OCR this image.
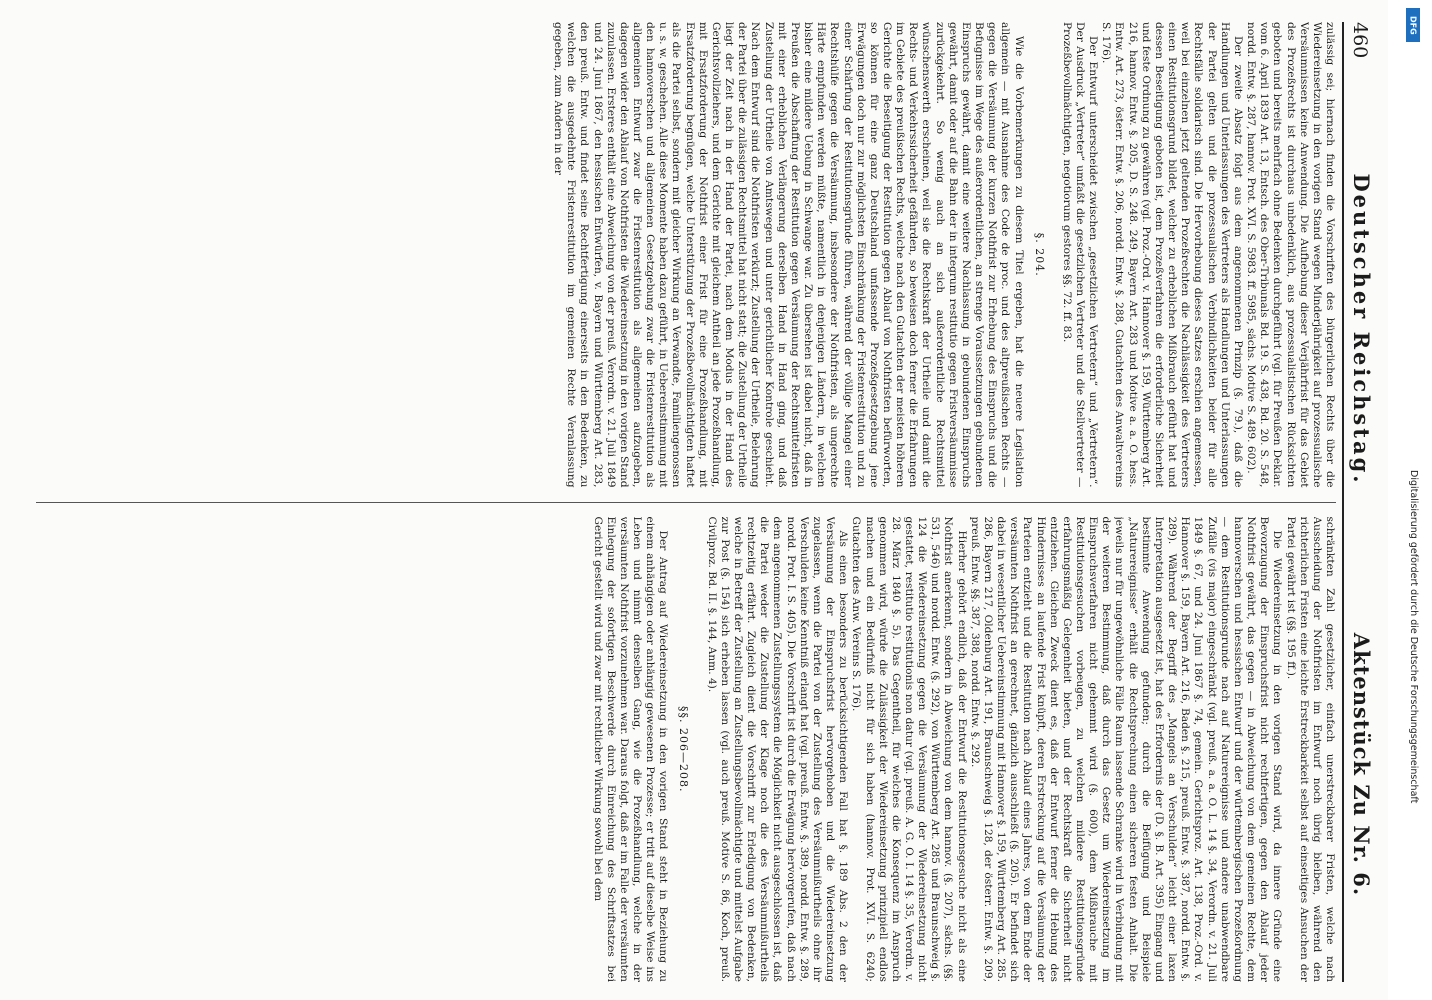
460
Deutscher Reichstag.
Aktenstück Zu Nr. 6.

zulässig sei; hiernach finden die Vorschriften des bürgerlichen Rechts über die Wiedereinsetzung in den vorigen Stand wegen Minderjährigkeit auf prozessualische Versäumnissen keine Anwendung. Die Aufhebung dieser Verjährfrist für das Gebiet des Prozeßrechts ist durchaus unbedenklich, aus prozessualistischen Rücksichten geboten und bereits mehrfach ohne Bedenken durchgeführt (vgl. für Preußen Deklar. vom 6. April 1839 Art. 13, Entsch. des Ober-Tribunals Bd. 19. S. 438, Bd. 20. S. 548, nordd. Entw. §. 287, hannov. Prot. XVI. S. 5983. ff. 5985, sächs. Motive S. 489. 602).

Der zweite Absatz folgt aus dem angenommenen Prinzip (§. 79.), daß die Handlungen und Unterlassungen des Vertreters als Handlungen und Unterlassungen der Partei gelten und die prozessualischen Verbindlichkeiten beider für alle Rechtsfälle solidarisch sind. Die Hervorhebung dieses Satzes erschien angemessen, weil bei einzelnen jetzt geltenden Prozeßrechten die Nachlässigkeit des Vertreters einen Restitutionsgrund bildet, welcher zu erheblichen Mißbrauch geführt hat und dessen Beseitigung geboten ist, dem Prozeßverfahren die erforderliche Sicherheit und feste Ordnung zu gewähren (vgl. Proz.-Ord. v. Hannover §. 159, Württemberg Art. 216, hannov. Entw. §. 205, D. S. 248. 249, Bayern Art. 283 und Motive a. a. O. hess. Entw. Art. 273, österr. Entw. §. 206, nordd. Entw. §. 288, Gutachten des Anwaltvereins S. 176).

Der Entwurf unterscheidet zwischen „gesetzlichen Vertretern“ und „Vertretern“. Der Ausdruck „Vertreter“ umfaßt die gesetzlichen Vertreter und die Stellvertreter — Prozeßbevollmächtigten, negotiorum gestores §§. 72. ff. 83.

§. 204.

Wie die Vorbemerkungen zu diesem Titel ergeben, hat die neuere Legislation allgemein — mit Ausnahme des Code de proc. und des altpreußischen Rechts — gegen die Versäumung der kurzen Nothfrist zur Erhebung des Einspruchs und die Befugnisse im Wege des außerordentlichen, an strenge Voraussetzungen gebundenen Einspruchs gewährt, damit eine weitere Nachlassung in gebundenen Einspruchs gewährt, damit oder auf die Bahn der in integrum restitutio gegen Fristversäumnisse zurückgekehrt. So wenig auch an sich außerordentliche Rechtsmittel wünschenswerth erscheinen, weil sie die Rechtskraft der Urtheile und damit die Rechts- und Verkehrssicherheit gefährden, so beweisen doch ferner die Erfahrungen im Gebiete des preußischen Rechts, welche nach den Gutachten der meisten höheren Gerichte die Beseitigung der Restitution gegen Ablauf von Nothfristen befürworten, so können für eine ganz Deutschland umfassende Prozeßgesetzgebung jene Erwägungen doch nur zur möglichsten Einschränkung der Fristenrestitution und zu einer Schärfung der Restitutionsgründe führen, während der völlige Mangel einer Rechtshülfe gegen die Versäumung, insbesondere der Nothfristen, als ungerechte Härte empfunden werden müßte, namentlich in denjenigen Ländern, in welchen bisher eine mildere Uebung in Schwange war. Zu übersehen ist dabei nicht, daß in Preußen die Abschaffung der Restitution gegen Versäumung der Rechtsmittelfristen mit einer erheblichen Verlängerung derselben Hand in Hand ging, und daß Zustellung der Urtheile von Amtswegen und unter gerichtlicher Kontrole geschieht. Nach dem Entwurf sind die Nothfristen verkürzt; Zustellung der Urtheile, Belehrung der Partei über die zulässigen Rechtsmittel hat nicht statt; die Zustellung der Urtheile liegt der Zeit nach in der Hand der Partei, nach dem Modus in der Hand des Gerichtsvollziehers, und dem Gerichte mit gleichem Antheil an jede Prozeßhandlung, mit Ersatzforderung der Nothfrist einer Frist für eine Prozeßhandlung, mit Ersatzforderung begnügen, welche Unterstützung der Prozeßbevollmächtigten haftet als die Partei selbst, sondern mit gleicher Wirkung an Verwandte, Familiengenossen u. s. w. geschehen. Alle diese Momente haben dazu geführt, in Uebereinstimmung mit den hannoverschen und allgemeinen Gesetzgebung zwar die Fristenrestitution als allgemeinen Entwurf zwar die Fristenrestitution als allgemeinen aufzugeben, dagegen wider den Ablauf von Nothfristen die Wiedereinsetzung in den vorigen Stand zuzulassen. Ersteres enthält eine Abweichung von der preuß. Verordn. v. 21. Juli 1849 und 24. Juni 1867, den hessischen Entwürfen, v. Bayern und Württemberg Art. 283, den preuß. Entw. und findet seine Rechtfertigung einerseits in den Bedenken, zu welchen die ausgedehnte Fristenrestitution im gemeinen Rechte Veranlassung gegeben, zum Andern in der

schränkten Zahl gesetzlicher, einfach unerstreckbarer Fristen, welche nach Ausscheidung der Nothfristen im Entwurf noch übrig bleiben, während den richterlichen Fristen eine leichte Erstreckbarkeit selbst auf einseitiges Ansuchen der Partei gewährt ist (§§. 195 ff.).

Die Wiedereinsetzung in den vorigen Stand wird, da innere Gründe eine Bevorzugung der Einspruchsfrist nicht rechtfertigen, gegen den Ablauf jeder Nothfrist gewährt, das gegen — in Abweichung von dem gemeinen Rechte, dem hannoverschen und hessischen Entwurf und der württembergischen Prozeßordnung — dem Restitutionsgrunde nach auf Naturereignisse und andere unabwendbare Zufälle (vis major) eingeschränkt (vgl. preuß. a. a. O. L. 14 §. 34, Verordn. v. 21. Juli 1849 §. 67, und 24. Juni 1867 §. 74, gemein. Gerichtsproz. Art. 138, Proz.-Ord. v. Hannover §. 159, Bayern Art. 216, Baden §. 215, preuß. Entw. §. 387, nordd. Entw. §. 289). Während der Begriff des „Mangels an Verschulden“ leicht einer laxen Interpretation ausgesetzt ist, hat des Erfordernis der (D. §. B. Art. 395) Eingang und bestimmte Anwendung gefunden; durch die Beifügung und Beispiele „Naturereignisse“ erhält die Rechtsprechung einen sicheren festen Anhalt. Die jeweils nur für ungewöhnliche Fälle Raum lassende Schranke wird in Verbindung mit der weiteren Bestimmung, daß durch das Gesetz um Wiedereinsetzung im Einspruchsverfahren nicht gehemmt wird (§. 600), dem Mißbrauche mit Restitutionsgesuchen vorbeugen, zu welchen mildere Restitutionsgründe erfahrungsmäßig Gelegenheit bieten, und der Rechtskraft die Sicherheit nicht entziehen. Gleichen Zweck dient es, daß der Entwurf ferner die Hebung des Hindernisses an laufende Frist knüpft, deren Erstreckung auf die Versäumung der Parteien entzieht und die Restitution nach Ablauf eines Jahres, von dem Ende der versäumten Nothfrist an gerechnet, gänzlich ausschließt (§. 205). Er befindet sich dabei in wesentlicher Uebereinstimmung mit Hannover §. 159, Württemberg Art. 285. 286, Bayern 217, Oldenburg Art. 191, Braunschweig §. 128, der österr. Entw. §. 209, preuß. Entw. §§. 387, 388, nordd. Entw. §. 292.

Hierher gehört endlich, daß der Entwurf die Restitutionsgesuche nicht als eine Nothfrist anerkennt, sondern in Abweichung von dem hannov. (§. 207), sächs. (§§. 531, 546) und nordd. Entw. (§. 292), von Württemberg Art. 285 und Braunschweig §. 124 die Wiedereinsetzung gegen die Versäumung der Wiedereinsetzung nicht gestattet, restitutio restitutionis non datur (vgl. preuß. A. G. O. I. 14 §. 35, Verordn. v. 28. März 1840 §. 5). Das Gegentheil, für welches die Konsequenz im Anspruch genommen wird, würde die Zulässigkeit der Wiedereinsetzung prinzipiell endlos machen und ein Bedürfniß nicht für sich haben (hannov. Prot. XVI. S. 6240; Gutachten des Anw. Vereins S. 176).

Als einen besonders zu berücksichtigenden Fall hat §. 189 Abs. 2 den der Versäumung der Einspruchsfrist hervorgehoben und die Wiedereinsetzung zugelassen, wenn die Partei von der Zustellung des Versäumnißurtheils ohne ihr Verschulden keine Kenntniß erlangt hat (vgl. preuß. Entw. §. 389, nordd. Entw. §. 289, nordd. Prot. I. S. 405). Die Vorschrift ist durch die Erwägung hervorgerufen, daß nach dem angenommenen Zustellungssystem die Möglichkeit nicht ausgeschlossen ist, daß die Partei weder die Zustellung der Klage noch die des Versäumnißurtheils rechtzeitig erfährt. Zugleich dient die Vorschrift zur Erledigung von Bedenken, welche in Betreff der Zustellung an Zustellungsbevollmächtigte und mittelst Aufgabe zur Post (§. 154) sich erheben lassen (vgl. auch preuß. Motive S. 86, Koch, preuß. Civilproz. Bd. II. §. 144, Anm. 4).

§§. 206—208.

Der Antrag auf Wiedereinsetzung in den vorigen Stand steht in Beziehung zu einem anhängigen oder anhängig gewesenen Prozesse; er tritt auf dieselbe Weise ins Leben und nimmt denselben Gang, wie die Prozeßhandlung, welche in der versäumten Nothfrist vorzunehmen war. Daraus folgt, daß er im Falle der versäumten Einlegung der sofortigen Beschwerde durch Einreichung des Schriftsatzes bei Gericht gestellt wird und zwar mit rechtlicher Wirkung sowohl bei dem

DFG
Digitalisierung gefördert durch die Deutsche Forschungsgemeinschaft
